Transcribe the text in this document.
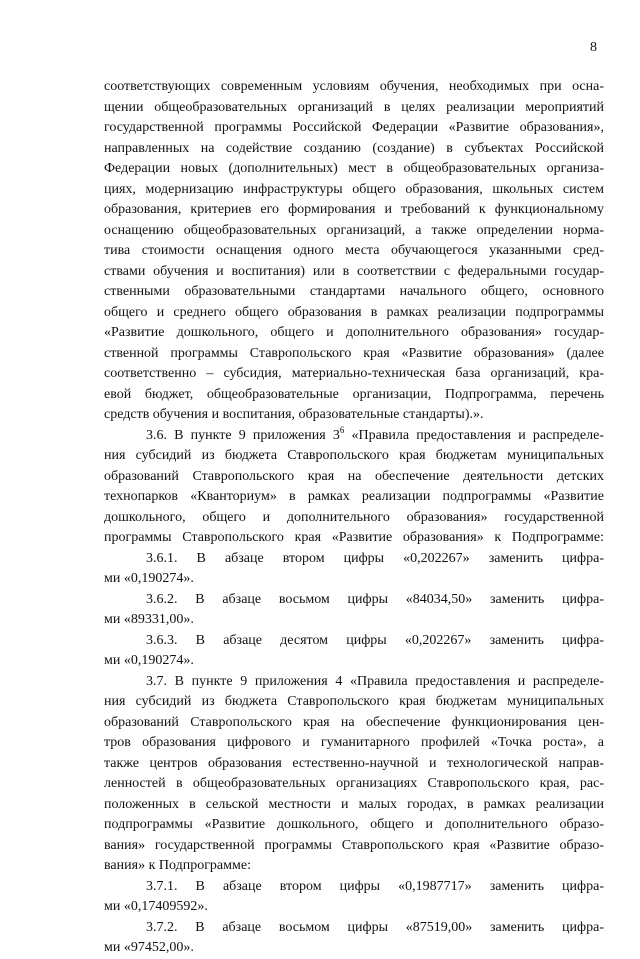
8
соответствующих современным условиям обучения, необходимых при осна-
щении общеобразовательных организаций в целях реализации мероприятий
государственной программы Российской Федерации «Развитие образования»,
направленных на содействие созданию (создание) в субъектах Российской
Федерации новых (дополнительных) мест в общеобразовательных организа-
циях, модернизацию инфраструктуры общего образования, школьных систем
образования, критериев его формирования и требований к функциональному
оснащению общеобразовательных организаций, а также определении норма-
тива стоимости оснащения одного места обучающегося указанными сред-
ствами обучения и воспитания) или в соответствии с федеральными государ-
ственными образовательными стандартами начального общего, основного
общего и среднего общего образования в рамках реализации подпрограммы
«Развитие дошкольного, общего и дополнительного образования» государ-
ственной программы Ставропольского края «Развитие образования» (далее
соответственно – субсидия, материально-техническая база организаций, кра-
евой бюджет, общеобразовательные организации, Подпрограмма, перечень
средств обучения и воспитания, образовательные стандарты).».
3.6. В пункте 9 приложения $3^6$ «Правила предоставления и распределе-
ния субсидий из бюджета Ставропольского края бюджетам муниципальных
образований Ставропольского края на обеспечение деятельности детских
технопарков «Кванториум» в рамках реализации подпрограммы «Развитие
дошкольного, общего и дополнительного образования» государственной
программы Ставропольского края «Развитие образования» к Подпрограмме:
3.6.1. В абзаце втором цифры «0,202267» заменить цифра-
ми «0,190274».
3.6.2. В абзаце восьмом цифры «84034,50» заменить цифра-
ми «89331,00».
3.6.3. В абзаце десятом цифры «0,202267» заменить цифра-
ми «0,190274».
3.7. В пункте 9 приложения 4 «Правила предоставления и распределе-
ния субсидий из бюджета Ставропольского края бюджетам муниципальных
образований Ставропольского края на обеспечение функционирования цен-
тров образования цифрового и гуманитарного профилей «Точка роста», а
также центров образования естественно-научной и технологической направ-
ленностей в общеобразовательных организациях Ставропольского края, рас-
положенных в сельской местности и малых городах, в рамках реализации
подпрограммы «Развитие дошкольного, общего и дополнительного образо-
вания» государственной программы Ставропольского края «Развитие образо-
вания» к Подпрограмме:
3.7.1. В абзаце втором цифры «0,1987717» заменить цифра-
ми «0,17409592».
3.7.2. В абзаце восьмом цифры «87519,00» заменить цифра-
ми «97452,00».
